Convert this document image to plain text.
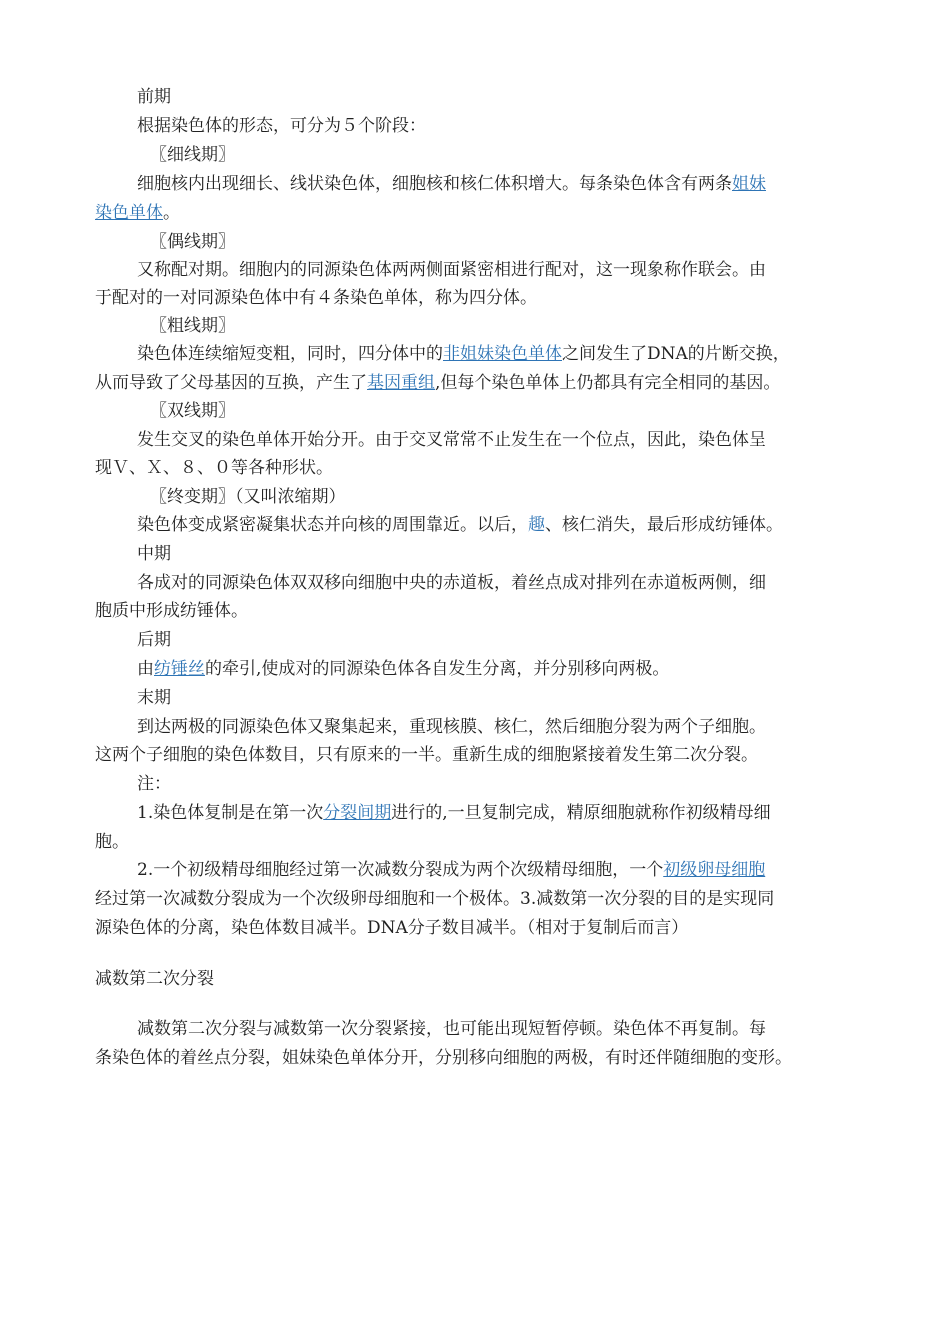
前期
根据染色体的形态，可分为５个阶段：
〖细线期〗
细胞核内出现细长、线状染色体，细胞核和核仁体积增大。每条染色体含有两条姐妹
染色单体。
〖偶线期〗
又称配对期。细胞内的同源染色体两两侧面紧密相进行配对，这一现象称作联会。由
于配对的一对同源染色体中有４条染色单体，称为四分体。
〖粗线期〗
染色体连续缩短变粗，同时，四分体中的非姐妹染色单体之间发生了DNA的片断交换，
从而导致了父母基因的互换，产生了基因重组,但每个染色单体上仍都具有完全相同的基因。
〖双线期〗
发生交叉的染色单体开始分开。由于交叉常常不止发生在一个位点，因此，染色体呈
现Ｖ、Ｘ、８、０等各种形状。
〖终变期〗（又叫浓缩期）
染色体变成紧密凝集状态并向核的周围靠近。以后，趣、核仁消失，最后形成纺锤体。
中期
各成对的同源染色体双双移向细胞中央的赤道板，着丝点成对排列在赤道板两侧，细
胞质中形成纺锤体。
后期
由纺锤丝的牵引,使成对的同源染色体各自发生分离，并分别移向两极。
末期
到达两极的同源染色体又聚集起来，重现核膜、核仁，然后细胞分裂为两个子细胞。
这两个子细胞的染色体数目，只有原来的一半。重新生成的细胞紧接着发生第二次分裂。
注：
1.染色体复制是在第一次分裂间期进行的,一旦复制完成，精原细胞就称作初级精母细
胞。
2.一个初级精母细胞经过第一次减数分裂成为两个次级精母细胞，一个初级卵母细胞
经过第一次减数分裂成为一个次级卵母细胞和一个极体。3.减数第一次分裂的目的是实现同
源染色体的分离，染色体数目减半。DNA分子数目减半。（相对于复制后而言）
减数第二次分裂
减数第二次分裂与减数第一次分裂紧接，也可能出现短暂停顿。染色体不再复制。每
条染色体的着丝点分裂，姐妹染色单体分开，分别移向细胞的两极，有时还伴随细胞的变形。
